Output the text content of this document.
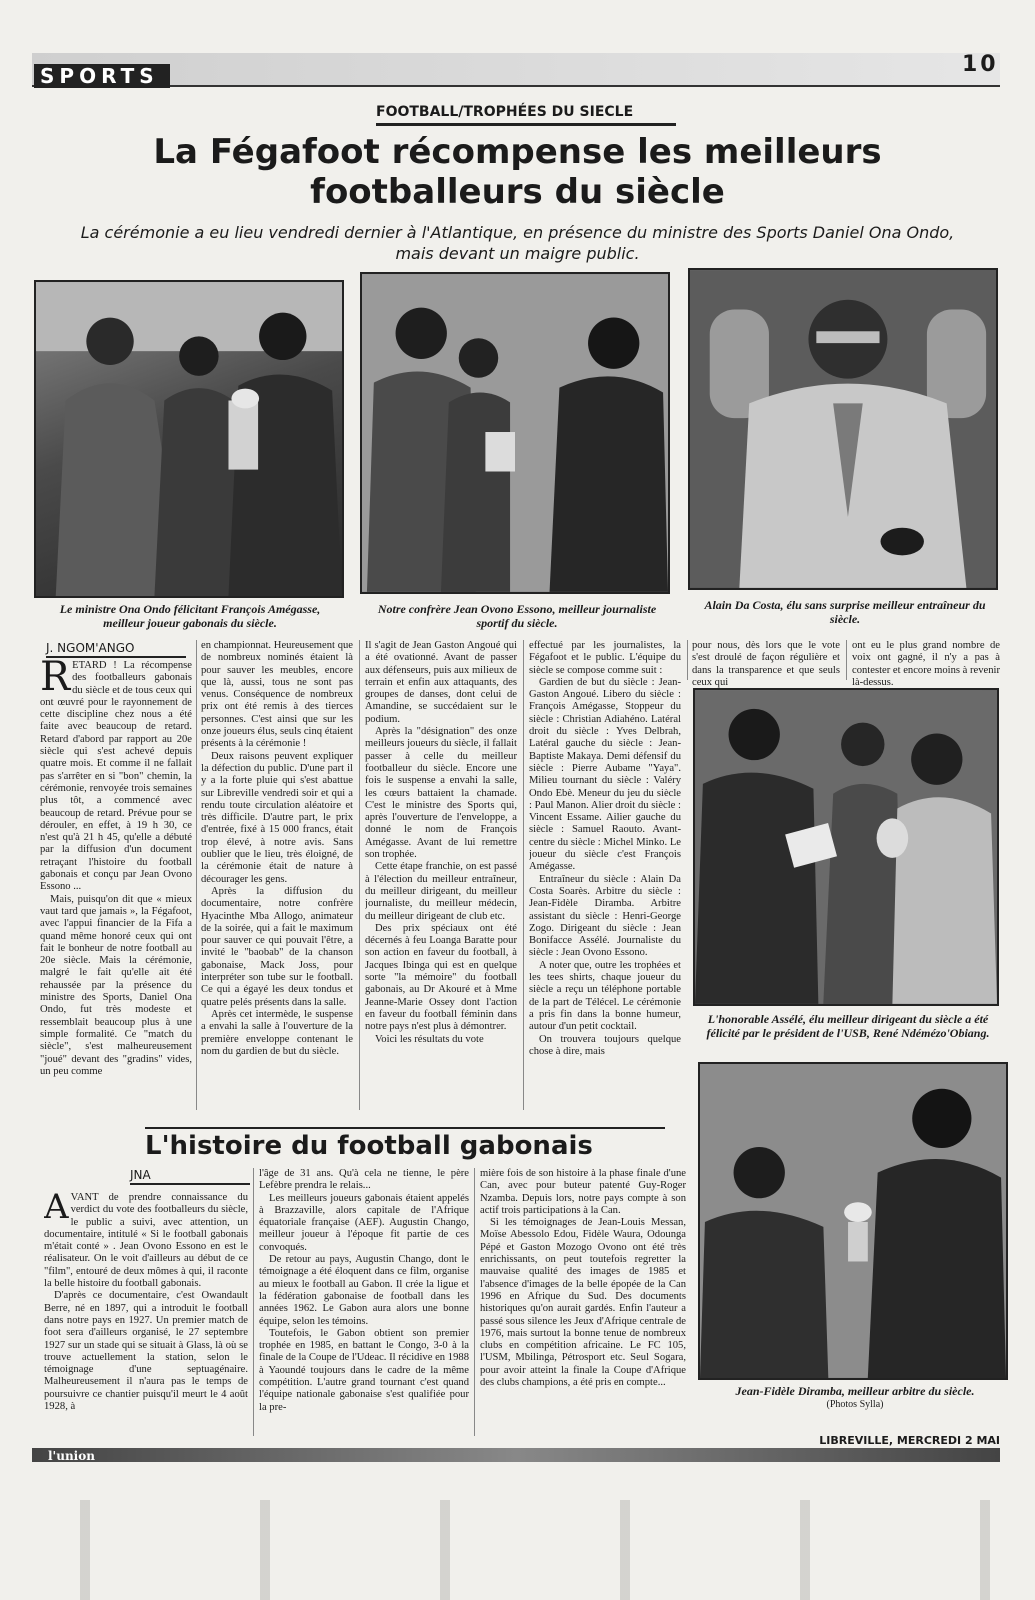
SPORTS	10
FOOTBALL/TROPHÉES DU SIECLE
La Fégafoot récompense les meilleurs footballeurs du siècle
La cérémonie a eu lieu vendredi dernier à l'Atlantique, en présence du ministre des Sports Daniel Ona Ondo, mais devant un maigre public.
Le ministre Ona Ondo félicitant François Amégasse, meilleur joueur gabonais du siècle.
Notre confrère Jean Ovono Essono, meilleur journaliste sportif du siècle.
Alain Da Costa, élu sans surprise meilleur entraîneur du siècle.
J. NGOM'ANGO

RETARD ! La récompense des footballeurs gabonais du siècle et de tous ceux qui ont œuvré pour le rayonnement de cette discipline chez nous a été faite avec beaucoup de retard. Retard d'abord par rapport au 20e siècle qui s'est achevé depuis quatre mois. Et comme il ne fallait pas s'arrêter en si "bon" chemin, la cérémonie, renvoyée trois semaines plus tôt, a commencé avec beaucoup de retard. Prévue pour se dérouler, en effet, à 19 h 30, ce n'est qu'à 21 h 45, qu'elle a débuté par la diffusion d'un document retraçant l'histoire du football gabonais et conçu par Jean Ovono Essono ...

Mais, puisqu'on dit que « mieux vaut tard que jamais », la Fégafoot, avec l'appui financier de la Fifa a quand même honoré ceux qui ont fait le bonheur de notre football au 20e siècle. Mais la cérémonie, malgré le fait qu'elle ait été rehaussée par la présence du ministre des Sports, Daniel Ona Ondo, fut très modeste et ressemblait beaucoup plus à une simple formalité. Ce "match du siècle", s'est malheureusement "joué" devant des "gradins" vides, un peu comme

en championnat. Heureusement que de nombreux nominés étaient là pour sauver les meubles, encore que là, aussi, tous ne sont pas venus. Conséquence de nombreux prix ont été remis à des tierces personnes. C'est ainsi que sur les onze joueurs élus, seuls cinq étaient présents à la cérémonie !

Deux raisons peuvent expliquer la défection du public. D'une part il y a la forte pluie qui s'est abattue sur Libreville vendredi soir et qui a rendu toute circulation aléatoire et très difficile. D'autre part, le prix d'entrée, fixé à 15 000 francs, était trop élevé, à notre avis. Sans oublier que le lieu, très éloigné, de la cérémonie était de nature à décourager les gens.

Après la diffusion du documentaire, notre confrère Hyacinthe Mba Allogo, animateur de la soirée, qui a fait le maximum pour sauver ce qui pouvait l'être, a invité le "baobab" de la chanson gabonaise, Mack Joss, pour interpréter son tube sur le football. Ce qui a égayé les deux tondus et quatre pelés présents dans la salle.

Après cet intermède, le suspense a envahi la salle à l'ouverture de la première enveloppe contenant le nom du gardien de but du siècle.

Il s'agit de Jean Gaston Angoué qui a été ovationné. Avant de passer aux défenseurs, puis aux milieux de terrain et enfin aux attaquants, des groupes de danses, dont celui de Amandine, se succédaient sur le podium.

Après la "désignation" des onze meilleurs joueurs du siècle, il fallait passer à celle du meilleur footballeur du siècle. Encore une fois le suspense a envahi la salle, les cœurs battaient la chamade. C'est le ministre des Sports qui, après l'ouverture de l'enveloppe, a donné le nom de François Amégasse. Avant de lui remettre son trophée.

Cette étape franchie, on est passé à l'élection du meilleur entraîneur, du meilleur dirigeant, du meilleur journaliste, du meilleur médecin, du meilleur dirigeant de club etc.

Des prix spéciaux ont été décernés à feu Loanga Baratte pour son action en faveur du football, à Jacques Ibinga qui est en quelque sorte "la mémoire" du football gabonais, au Dr Akouré et à Mme Jeanne-Marie Ossey dont l'action en faveur du football féminin dans notre pays n'est plus à démontrer.

Voici les résultats du vote

effectué par les journalistes, la Fégafoot et le public. L'équipe du siècle se compose comme suit :

Gardien de but du siècle : Jean-Gaston Angoué. Libero du siècle : François Amégasse, Stoppeur du siècle : Christian Adiahéno. Latéral droit du siècle : Yves Delbrah, Latéral gauche du siècle : Jean-Baptiste Makaya. Demi défensif du siècle : Pierre Aubame "Yaya". Milieu tournant du siècle : Valéry Ondo Ebè. Meneur du jeu du siècle : Paul Manon. Alier droit du siècle : Vincent Essame. Ailier gauche du siècle : Samuel Raouto. Avant-centre du siècle : Michel Minko. Le joueur du siècle c'est François Amégasse.

Entraîneur du siècle : Alain Da Costa Soarès. Arbitre du siècle : Jean-Fidèle Diramba. Arbitre assistant du siècle : Henri-George Zogo. Dirigeant du siècle : Jean Bonifacce Assélé. Journaliste du siècle : Jean Ovono Essono.

A noter que, outre les trophées et les tees shirts, chaque joueur du siècle a reçu un téléphone portable de la part de Télécel. Le cérémonie a pris fin dans la bonne humeur, autour d'un petit cocktail.

On trouvera toujours quelque chose à dire, mais

pour nous, dès lors que le vote s'est droulé de façon régulière et dans la transparence et que seuls ceux qui

ont eu le plus grand nombre de voix ont gagné, il n'y a pas à contester et encore moins à revenir là-dessus.

L'honorable Assélé, élu meilleur dirigeant du siècle a été félicité par le président de l'USB, René Ndémézo'Obiang.
L'histoire du football gabonais
JNA

AVANT de prendre connaissance du verdict du vote des footballeurs du siècle, le public a suivi, avec attention, un documentaire, intitulé « Si le football gabonais m'était conté » . Jean Ovono Essono en est le réalisateur. On le voit d'ailleurs au début de ce "film", entouré de deux mômes à qui, il raconte la belle histoire du football gabonais.

D'après ce documentaire, c'est Owandault Berre, né en 1897, qui a introduit le football dans notre pays en 1927. Un premier match de foot sera d'ailleurs organisé, le 27 septembre 1927 sur un stade qui se situait à Glass, là où se trouve actuellement la station, selon le témoignage d'une septuagénaire. Malheureusement il n'aura pas le temps de poursuivre ce chantier puisqu'il meurt le 4 août 1928, à

l'âge de 31 ans. Qu'à cela ne tienne, le père Lefèbre prendra le relais...

Les meilleurs joueurs gabonais étaient appelés à Brazzaville, alors capitale de l'Afrique équatoriale française (AEF). Augustin Chango, meilleur joueur à l'époque fit partie de ces convoqués.

De retour au pays, Augustin Chango, dont le témoignage a été éloquent dans ce film, organise au mieux le football au Gabon. Il crée la ligue et la fédération gabonaise de football dans les années 1962. Le Gabon aura alors une bonne équipe, selon les témoins.

Toutefois, le Gabon obtient son premier trophée en 1985, en battant le Congo, 3-0 à la finale de la Coupe de l'Udeac. Il récidive en 1988 à Yaoundé toujours dans le cadre de la même compétition. L'autre grand tournant c'est quand l'équipe nationale gabonaise s'est qualifiée pour la pre-

mière fois de son histoire à la phase finale d'une Can, avec pour buteur patenté Guy-Roger Nzamba. Depuis lors, notre pays compte à son actif trois participations à la Can.

Si les témoignages de Jean-Louis Messan, Moïse Abessolo Edou, Fidèle Waura, Odounga Pépé et Gaston Mozogo Ovono ont été très enrichissants, on peut toutefois regretter la mauvaise qualité des images de 1985 et l'absence d'images de la belle épopée de la Can 1996 en Afrique du Sud. Des documents historiques qu'on aurait gardés. Enfin l'auteur a passé sous silence les Jeux d'Afrique centrale de 1976, mais surtout la bonne tenue de nombreux clubs en compétition africaine. Le FC 105, l'USM, Mbilinga, Pétrosport etc. Seul Sogara, pour avoir atteint la finale la Coupe d'Afrique des clubs champions, a été pris en compte...

Jean-Fidèle Diramba, meilleur arbitre du siècle.
(Photos Sylla)
LIBREVILLE, MERCREDI 2 MAI
l'union
